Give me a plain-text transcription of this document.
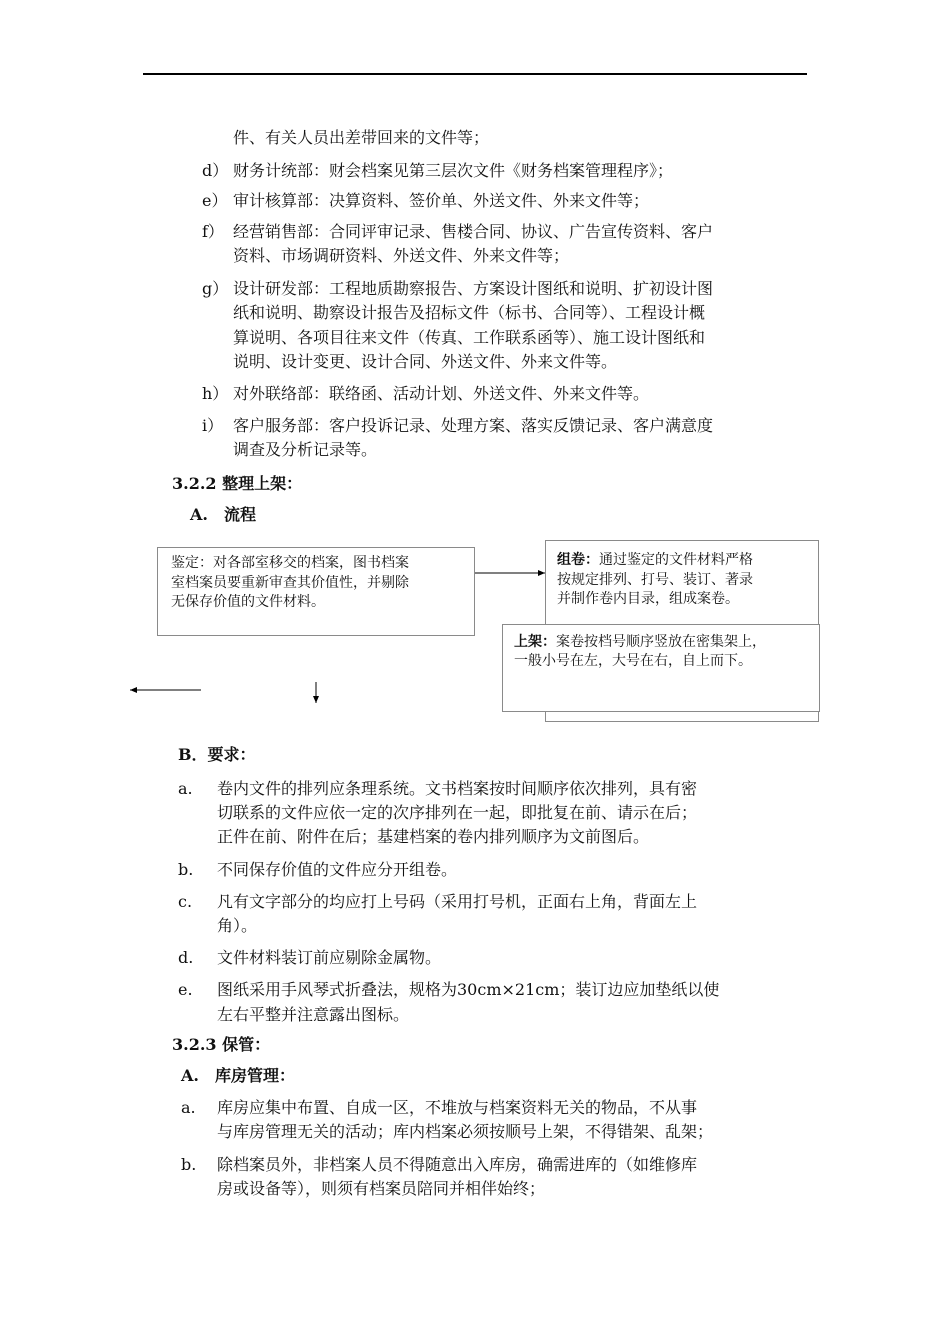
件、有关人员出差带回来的文件等；
d） 财务计统部：财会档案见第三层次文件《财务档案管理程序》；
e） 审计核算部：决算资料、签价单、外送文件、外来文件等；
f） 经营销售部：合同评审记录、售楼合同、协议、广告宣传资料、客户
资料、市场调研资料、外送文件、外来文件等；
g） 设计研发部：工程地质勘察报告、方案设计图纸和说明、扩初设计图
纸和说明、勘察设计报告及招标文件（标书、合同等）、工程设计概
算说明、各项目往来文件（传真、工作联系函等）、施工设计图纸和
说明、设计变更、设计合同、外送文件、外来文件等。
h） 对外联络部：联络函、活动计划、外送文件、外来文件等。
i） 客户服务部：客户投诉记录、处理方案、落实反馈记录、客户满意度
调查及分析记录等。
3.2.2 整理上架：
A.　流程
鉴定：对各部室移交的档案，图书档案
室档案员要重新审查其价值性，并剔除
无保存价值的文件材料。
组卷：通过鉴定的文件材料严格
按规定排列、打号、装订、著录
并制作卷内目录，组成案卷。
上架：案卷按档号顺序竖放在密集架上，
一般小号在左，大号在右，自上而下。
B．要求：
a. 卷内文件的排列应条理系统。文书档案按时间顺序依次排列，具有密
切联系的文件应依一定的次序排列在一起，即批复在前、请示在后；
正件在前、附件在后；基建档案的卷内排列顺序为文前图后。
b. 不同保存价值的文件应分开组卷。
c. 凡有文字部分的均应打上号码（采用打号机，正面右上角，背面左上
角）。
d. 文件材料装订前应剔除金属物。
e. 图纸采用手风琴式折叠法，规格为30cm×21cm；装订边应加垫纸以使
左右平整并注意露出图标。
3.2.3 保管：
A.　库房管理：
a. 库房应集中布置、自成一区，不堆放与档案资料无关的物品，不从事
与库房管理无关的活动；库内档案必须按顺号上架，不得错架、乱架；
b. 除档案员外，非档案人员不得随意出入库房，确需进库的（如维修库
房或设备等），则须有档案员陪同并相伴始终；
